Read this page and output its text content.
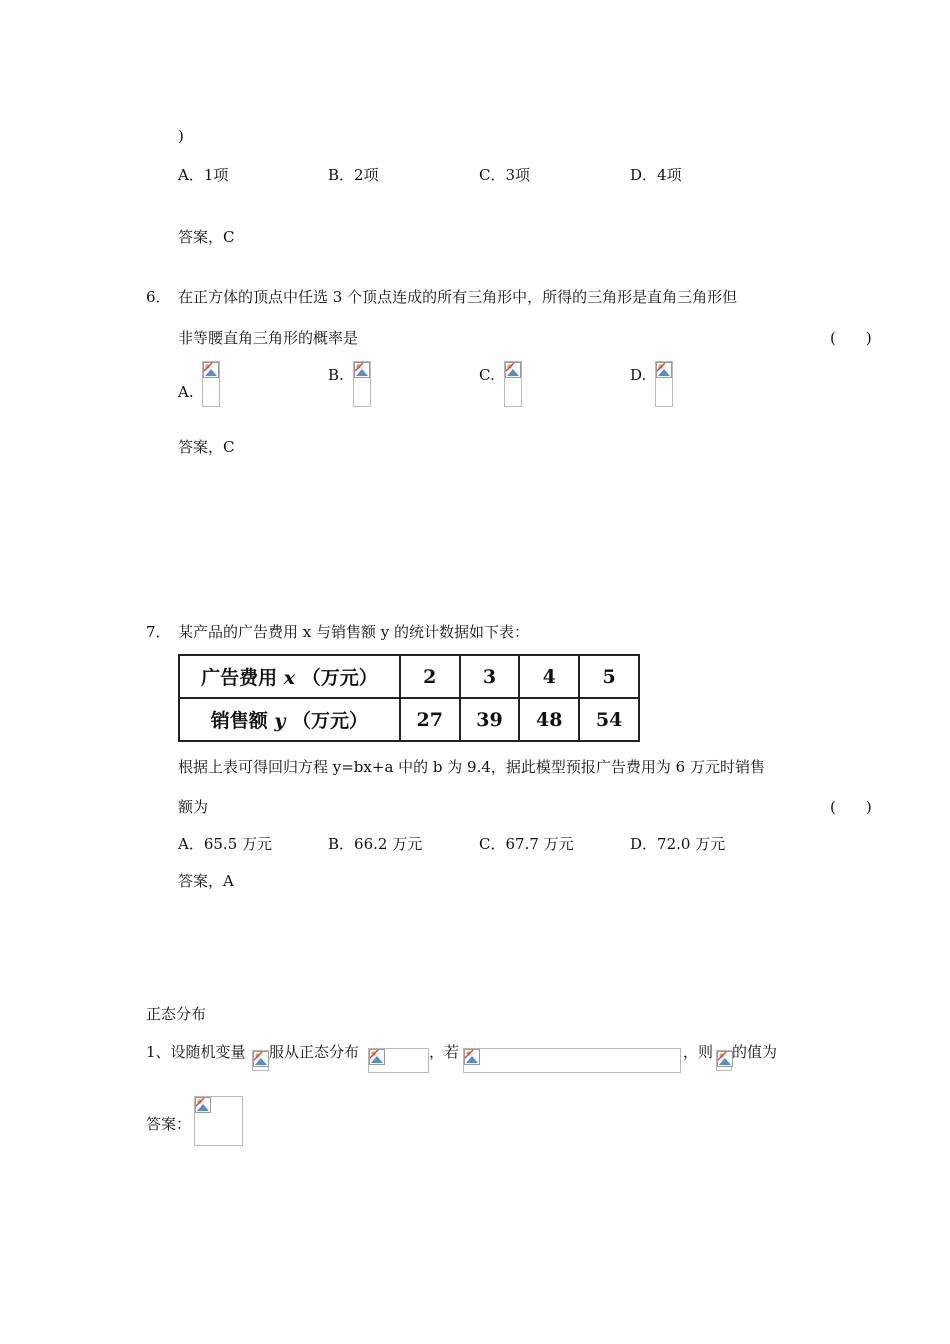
)
A．1项	B．2项	C．3项	D．4项
答案，C
6． 在正方体的顶点中任选 3 个顶点连成的所有三角形中，所得的三角形是直角三角形但
非等腰直角三角形的概率是	(　　)
A.
B.	C.	D.
答案，C
7． 某产品的广告费用 x 与销售额 y 的统计数据如下表：
广告费用 x （万元）	2	3	4	5
销售额 y （万元）	27	39	48	54
根据上表可得回归方程 y=bx+a 中的 b 为 9.4，据此模型预报广告费用为 6 万元时销售
额为	(　　)
A．65.5 万元	B．66.2 万元	C．67.7 万元	D．72.0 万元
答案，A
正态分布
1、设随机变量 服从正态分布	，若	，则 的值为
答案：
